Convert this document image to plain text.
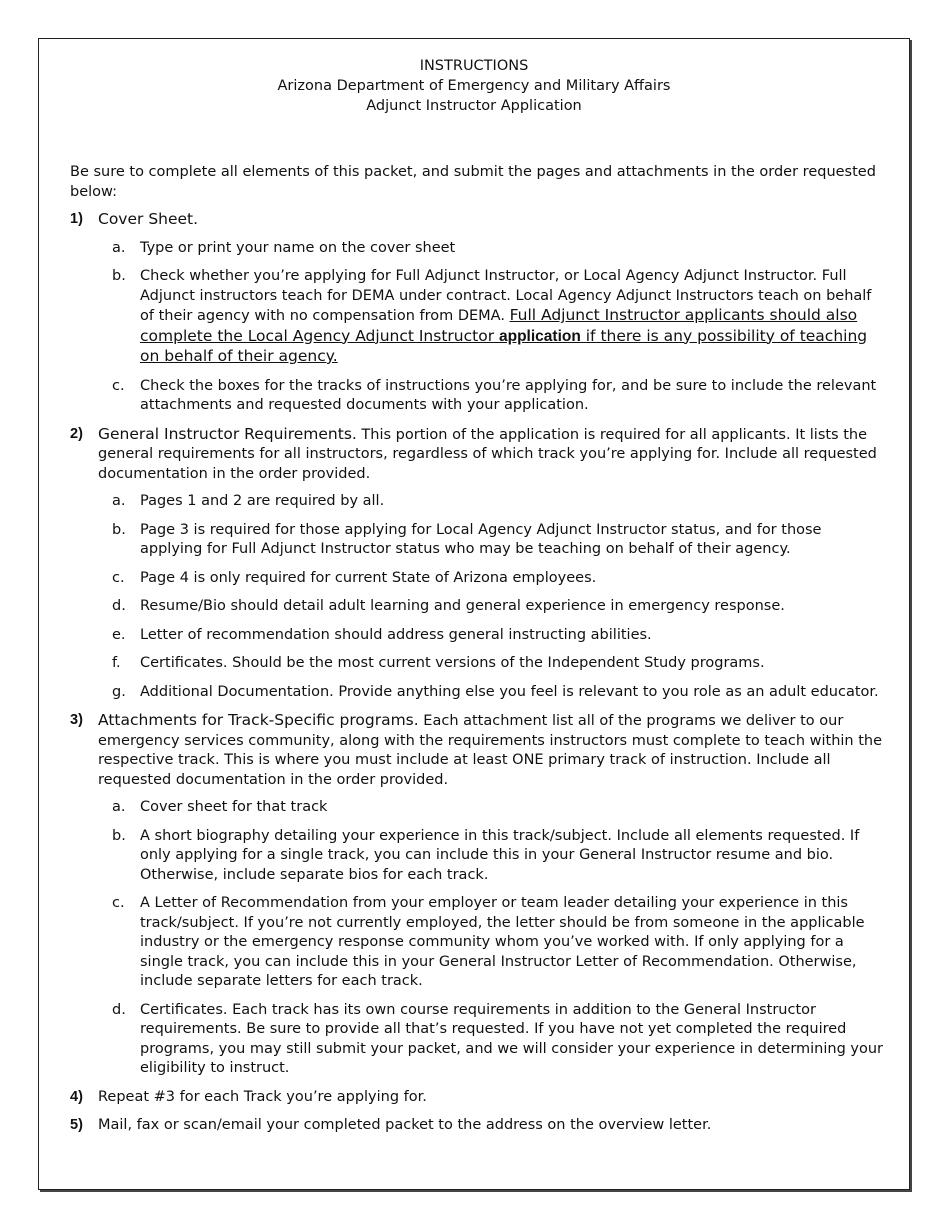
INSTRUCTIONS
Arizona Department of Emergency and Military Affairs
Adjunct Instructor Application

Be sure to complete all elements of this packet, and submit the pages and attachments in the order requested below:

1) Cover Sheet.
a. Type or print your name on the cover sheet
b. Check whether you’re applying for Full Adjunct Instructor, or Local Agency Adjunct Instructor. Full Adjunct instructors teach for DEMA under contract. Local Agency Adjunct Instructors teach on behalf of their agency with no compensation from DEMA. Full Adjunct Instructor applicants should also complete the Local Agency Adjunct Instructor application if there is any possibility of teaching on behalf of their agency.
c. Check the boxes for the tracks of instructions you’re applying for, and be sure to include the relevant attachments and requested documents with your application.
2) General Instructor Requirements. This portion of the application is required for all applicants. It lists the general requirements for all instructors, regardless of which track you’re applying for. Include all requested documentation in the order provided.
a. Pages 1 and 2 are required by all.
b. Page 3 is required for those applying for Local Agency Adjunct Instructor status, and for those applying for Full Adjunct Instructor status who may be teaching on behalf of their agency.
c. Page 4 is only required for current State of Arizona employees.
d. Resume/Bio should detail adult learning and general experience in emergency response.
e. Letter of recommendation should address general instructing abilities.
f. Certificates. Should be the most current versions of the Independent Study programs.
g. Additional Documentation. Provide anything else you feel is relevant to you role as an adult educator.
3) Attachments for Track-Specific programs. Each attachment list all of the programs we deliver to our emergency services community, along with the requirements instructors must complete to teach within the respective track. This is where you must include at least ONE primary track of instruction. Include all requested documentation in the order provided.
a. Cover sheet for that track
b. A short biography detailing your experience in this track/subject. Include all elements requested. If only applying for a single track, you can include this in your General Instructor resume and bio. Otherwise, include separate bios for each track.
c. A Letter of Recommendation from your employer or team leader detailing your experience in this track/subject. If you’re not currently employed, the letter should be from someone in the applicable industry or the emergency response community whom you’ve worked with. If only applying for a single track, you can include this in your General Instructor Letter of Recommendation. Otherwise, include separate letters for each track.
d. Certificates. Each track has its own course requirements in addition to the General Instructor requirements. Be sure to provide all that’s requested. If you have not yet completed the required programs, you may still submit your packet, and we will consider your experience in determining your eligibility to instruct.
4) Repeat #3 for each Track you’re applying for.
5) Mail, fax or scan/email your completed packet to the address on the overview letter.
